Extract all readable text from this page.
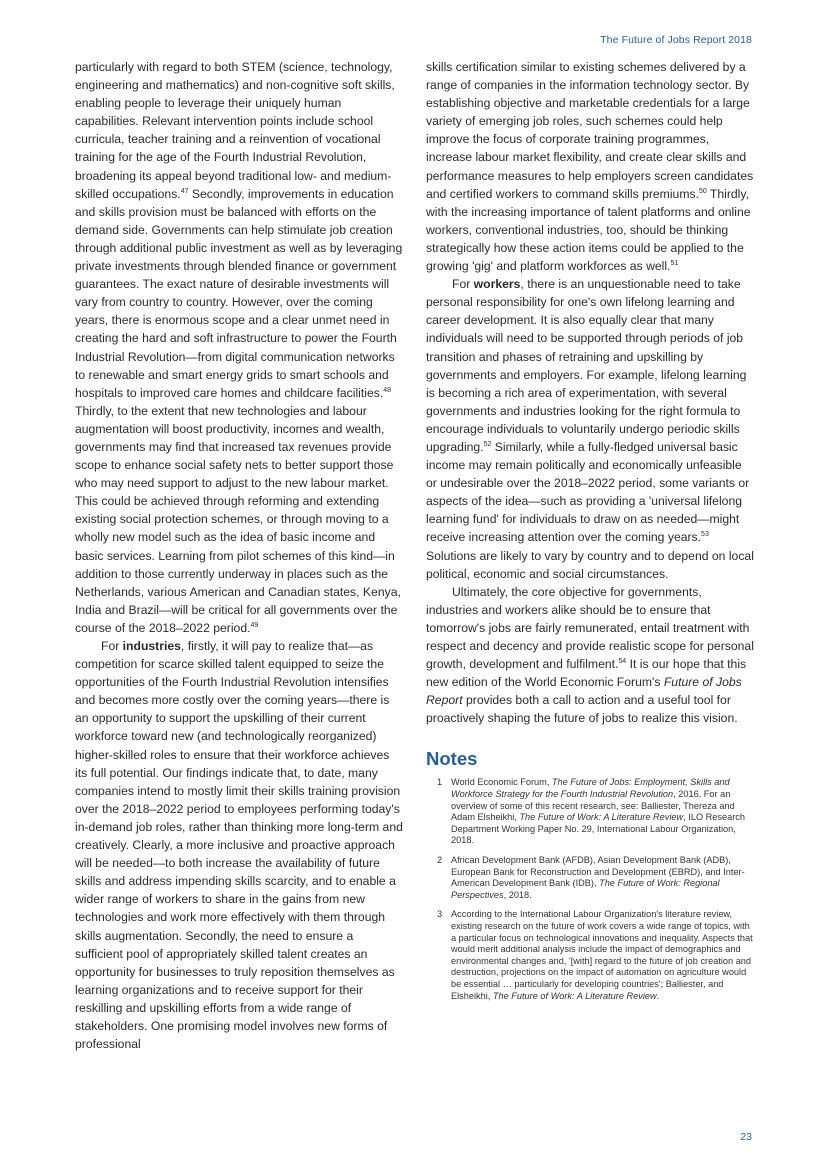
The Future of Jobs Report 2018

particularly with regard to both STEM (science, technology, engineering and mathematics) and non-cognitive soft skills, enabling people to leverage their uniquely human capabilities. Relevant intervention points include school curricula, teacher training and a reinvention of vocational training for the age of the Fourth Industrial Revolution, broadening its appeal beyond traditional low- and medium-skilled occupations.$^{47}$ Secondly, improvements in education and skills provision must be balanced with efforts on the demand side. Governments can help stimulate job creation through additional public investment as well as by leveraging private investments through blended finance or government guarantees. The exact nature of desirable investments will vary from country to country. However, over the coming years, there is enormous scope and a clear unmet need in creating the hard and soft infrastructure to power the Fourth Industrial Revolution—from digital communication networks to renewable and smart energy grids to smart schools and hospitals to improved care homes and childcare facilities.$^{48}$ Thirdly, to the extent that new technologies and labour augmentation will boost productivity, incomes and wealth, governments may find that increased tax revenues provide scope to enhance social safety nets to better support those who may need support to adjust to the new labour market. This could be achieved through reforming and extending existing social protection schemes, or through moving to a wholly new model such as the idea of basic income and basic services. Learning from pilot schemes of this kind—in addition to those currently underway in places such as the Netherlands, various American and Canadian states, Kenya, India and Brazil—will be critical for all governments over the course of the 2018–2022 period.$^{49}$

For industries, firstly, it will pay to realize that—as competition for scarce skilled talent equipped to seize the opportunities of the Fourth Industrial Revolution intensifies and becomes more costly over the coming years—there is an opportunity to support the upskilling of their current workforce toward new (and technologically reorganized) higher-skilled roles to ensure that their workforce achieves its full potential. Our findings indicate that, to date, many companies intend to mostly limit their skills training provision over the 2018–2022 period to employees performing today's in-demand job roles, rather than thinking more long-term and creatively. Clearly, a more inclusive and proactive approach will be needed—to both increase the availability of future skills and address impending skills scarcity, and to enable a wider range of workers to share in the gains from new technologies and work more effectively with them through skills augmentation. Secondly, the need to ensure a sufficient pool of appropriately skilled talent creates an opportunity for businesses to truly reposition themselves as learning organizations and to receive support for their reskilling and upskilling efforts from a wide range of stakeholders. One promising model involves new forms of professional

skills certification similar to existing schemes delivered by a range of companies in the information technology sector. By establishing objective and marketable credentials for a large variety of emerging job roles, such schemes could help improve the focus of corporate training programmes, increase labour market flexibility, and create clear skills and performance measures to help employers screen candidates and certified workers to command skills premiums.$^{50}$ Thirdly, with the increasing importance of talent platforms and online workers, conventional industries, too, should be thinking strategically how these action items could be applied to the growing 'gig' and platform workforces as well.$^{51}$

For workers, there is an unquestionable need to take personal responsibility for one's own lifelong learning and career development. It is also equally clear that many individuals will need to be supported through periods of job transition and phases of retraining and upskilling by governments and employers. For example, lifelong learning is becoming a rich area of experimentation, with several governments and industries looking for the right formula to encourage individuals to voluntarily undergo periodic skills upgrading.$^{52}$ Similarly, while a fully-fledged universal basic income may remain politically and economically unfeasible or undesirable over the 2018–2022 period, some variants or aspects of the idea—such as providing a 'universal lifelong learning fund' for individuals to draw on as needed—might receive increasing attention over the coming years.$^{53}$ Solutions are likely to vary by country and to depend on local political, economic and social circumstances.

Ultimately, the core objective for governments, industries and workers alike should be to ensure that tomorrow's jobs are fairly remunerated, entail treatment with respect and decency and provide realistic scope for personal growth, development and fulfilment.$^{54}$ It is our hope that this new edition of the World Economic Forum's Future of Jobs Report provides both a call to action and a useful tool for proactively shaping the future of jobs to realize this vision.

Notes
1 World Economic Forum, The Future of Jobs: Employment, Skills and Workforce Strategy for the Fourth Industrial Revolution, 2016. For an overview of some of this recent research, see: Balliester, Thereza and Adam Elsheikhi, The Future of Work: A Literature Review, ILO Research Department Working Paper No. 29, International Labour Organization, 2018.
2 African Development Bank (AFDB), Asian Development Bank (ADB), European Bank for Reconstruction and Development (EBRD), and Inter-American Development Bank (IDB), The Future of Work: Regional Perspectives, 2018.
3 According to the International Labour Organization's literature review, existing research on the future of work covers a wide range of topics, with a particular focus on technological innovations and inequality. Aspects that would merit additional analysis include the impact of demographics and environmental changes and, '[with] regard to the future of job creation and destruction, projections on the impact of automation on agriculture would be essential … particularly for developing countries'; Balliester, and Elsheikhi, The Future of Work: A Literature Review.
23
